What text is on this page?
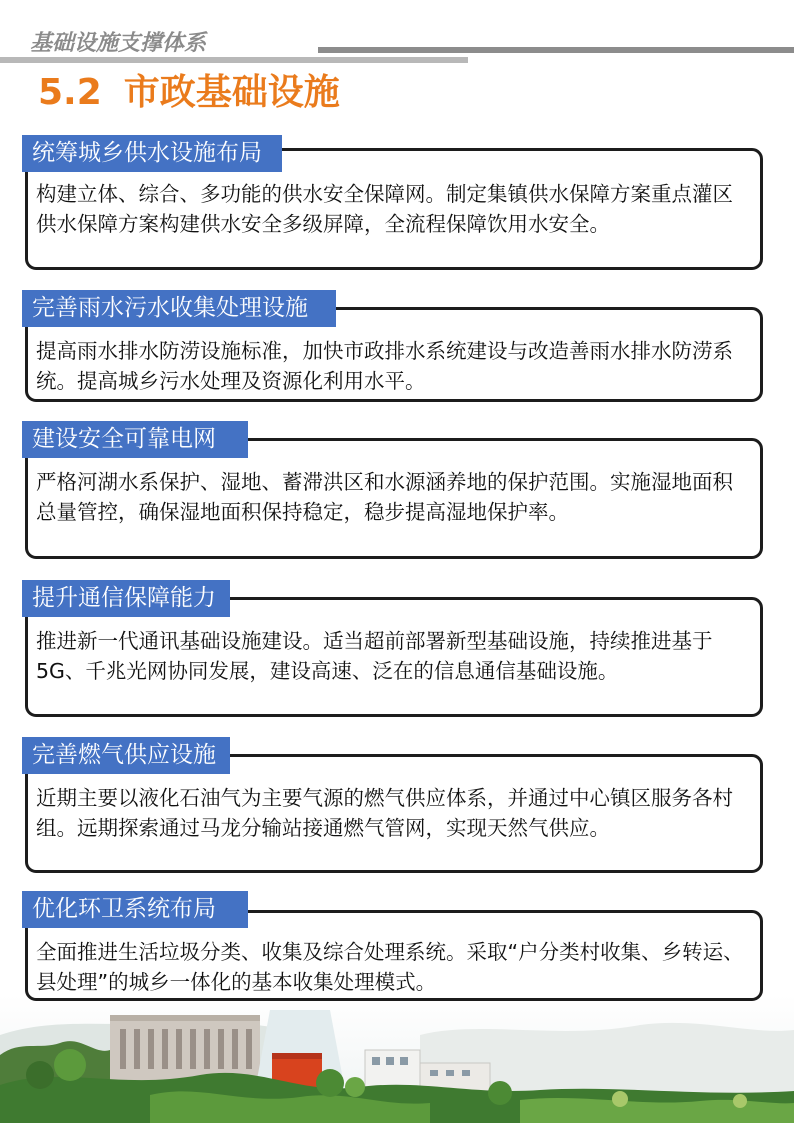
基础设施支撑体系
5.2 市政基础设施
统筹城乡供水设施布局
构建立体、综合、多功能的供水安全保障网。制定集镇供水保障方案重点灌区供水保障方案构建供水安全多级屏障，全流程保障饮用水安全。
完善雨水污水收集处理设施
提高雨水排水防涝设施标准，加快市政排水系统建设与改造善雨水排水防涝系统。提高城乡污水处理及资源化利用水平。
建设安全可靠电网
严格河湖水系保护、湿地、蓄滞洪区和水源涵养地的保护范围。实施湿地面积总量管控，确保湿地面积保持稳定，稳步提高湿地保护率。
提升通信保障能力
推进新一代通讯基础设施建设。适当超前部署新型基础设施，持续推进基于5G、千兆光网协同发展，建设高速、泛在的信息通信基础设施。
完善燃气供应设施
近期主要以液化石油气为主要气源的燃气供应体系，并通过中心镇区服务各村组。远期探索通过马龙分输站接通燃气管网，实现天然气供应。
优化环卫系统布局
全面推进生活垃圾分类、收集及综合处理系统。采取“户分类村收集、乡转运、县处理”的城乡一体化的基本收集处理模式。
